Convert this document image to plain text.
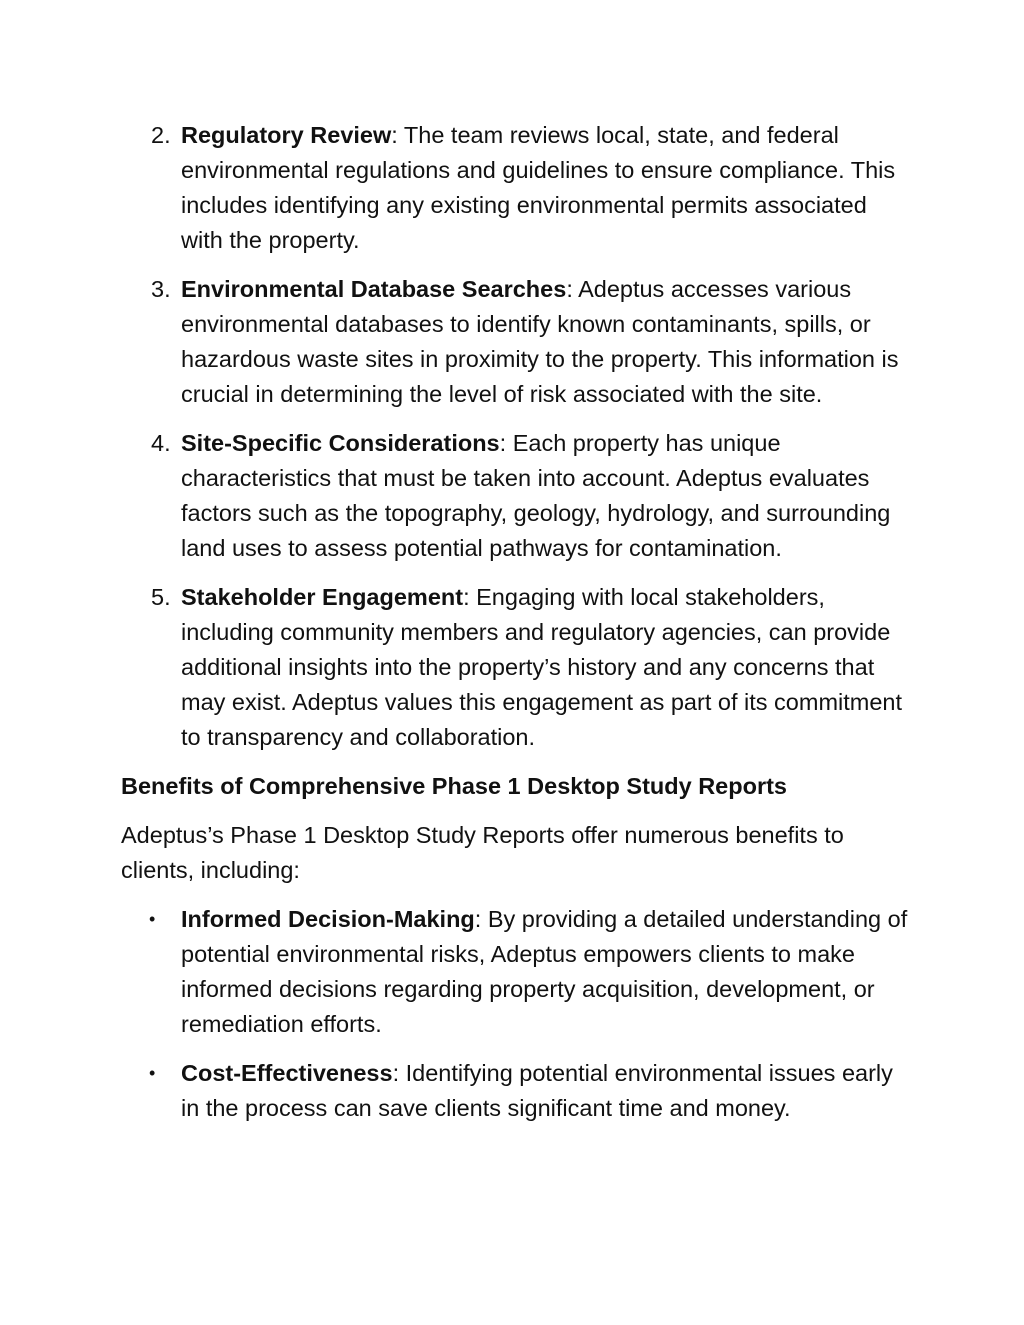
2. Regulatory Review: The team reviews local, state, and federal environmental regulations and guidelines to ensure compliance. This includes identifying any existing environmental permits associated with the property.
3. Environmental Database Searches: Adeptus accesses various environmental databases to identify known contaminants, spills, or hazardous waste sites in proximity to the property. This information is crucial in determining the level of risk associated with the site.
4. Site-Specific Considerations: Each property has unique characteristics that must be taken into account. Adeptus evaluates factors such as the topography, geology, hydrology, and surrounding land uses to assess potential pathways for contamination.
5. Stakeholder Engagement: Engaging with local stakeholders, including community members and regulatory agencies, can provide additional insights into the property’s history and any concerns that may exist. Adeptus values this engagement as part of its commitment to transparency and collaboration.
Benefits of Comprehensive Phase 1 Desktop Study Reports

Adeptus’s Phase 1 Desktop Study Reports offer numerous benefits to clients, including:

• Informed Decision-Making: By providing a detailed understanding of potential environmental risks, Adeptus empowers clients to make informed decisions regarding property acquisition, development, or remediation efforts.
• Cost-Effectiveness: Identifying potential environmental issues early in the process can save clients significant time and money.
